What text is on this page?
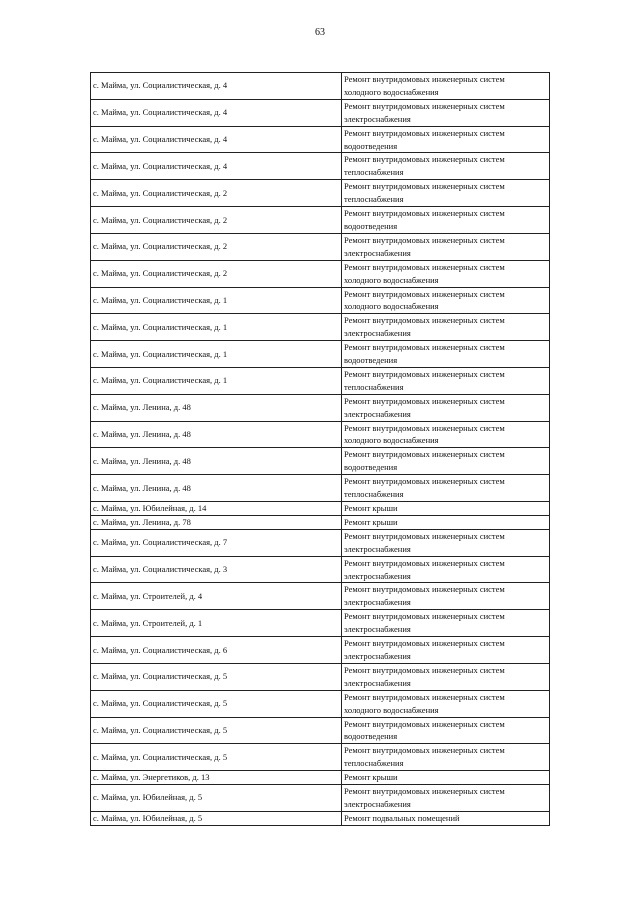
63
с. Майма, ул. Социалистическая, д. 4	Ремонт внутридомовых инженерных систем
холодного водоснабжения

с. Майма, ул. Социалистическая, д. 4	Ремонт внутридомовых инженерных систем
электроснабжения

с. Майма, ул. Социалистическая, д. 4	Ремонт внутридомовых инженерных систем
водоотведения

с. Майма, ул. Социалистическая, д. 4	Ремонт внутридомовых инженерных систем
теплоснабжения

с. Майма, ул. Социалистическая, д. 2	Ремонт внутридомовых инженерных систем
теплоснабжения

с. Майма, ул. Социалистическая, д. 2	Ремонт внутридомовых инженерных систем
водоотведения

с. Майма, ул. Социалистическая, д. 2	Ремонт внутридомовых инженерных систем
электроснабжения

с. Майма, ул. Социалистическая, д. 2	Ремонт внутридомовых инженерных систем
холодного водоснабжения

с. Майма, ул. Социалистическая, д. 1	Ремонт внутридомовых инженерных систем
холодного водоснабжения

с. Майма, ул. Социалистическая, д. 1	Ремонт внутридомовых инженерных систем
электроснабжения

с. Майма, ул. Социалистическая, д. 1	Ремонт внутридомовых инженерных систем
водоотведения

с. Майма, ул. Социалистическая, д. 1	Ремонт внутридомовых инженерных систем
теплоснабжения

с. Майма, ул. Ленина, д. 48	Ремонт внутридомовых инженерных систем
электроснабжения

с. Майма, ул. Ленина, д. 48	Ремонт внутридомовых инженерных систем
холодного водоснабжения

с. Майма, ул. Ленина, д. 48	Ремонт внутридомовых инженерных систем
водоотведения

с. Майма, ул. Ленина, д. 48	Ремонт внутридомовых инженерных систем
теплоснабжения

с. Майма, ул. Юбилейная, д. 14	Ремонт крыши

с. Майма, ул. Ленина, д. 78	Ремонт крыши

с. Майма, ул. Социалистическая, д. 7	Ремонт внутридомовых инженерных систем
электроснабжения

с. Майма, ул. Социалистическая, д. 3	Ремонт внутридомовых инженерных систем
электроснабжения

с. Майма, ул. Строителей, д. 4	Ремонт внутридомовых инженерных систем
электроснабжения

с. Майма, ул. Строителей, д. 1	Ремонт внутридомовых инженерных систем
электроснабжения

с. Майма, ул. Социалистическая, д. 6	Ремонт внутридомовых инженерных систем
электроснабжения

с. Майма, ул. Социалистическая, д. 5	Ремонт внутридомовых инженерных систем
электроснабжения

с. Майма, ул. Социалистическая, д. 5	Ремонт внутридомовых инженерных систем
холодного водоснабжения

с. Майма, ул. Социалистическая, д. 5	Ремонт внутридомовых инженерных систем
водоотведения

с. Майма, ул. Социалистическая, д. 5	Ремонт внутридомовых инженерных систем
теплоснабжения

с. Майма, ул. Энергетиков, д. 13	Ремонт крыши

с. Майма, ул. Юбилейная, д. 5	Ремонт внутридомовых инженерных систем
электроснабжения

с. Майма, ул. Юбилейная, д. 5	Ремонт подвальных помещений
